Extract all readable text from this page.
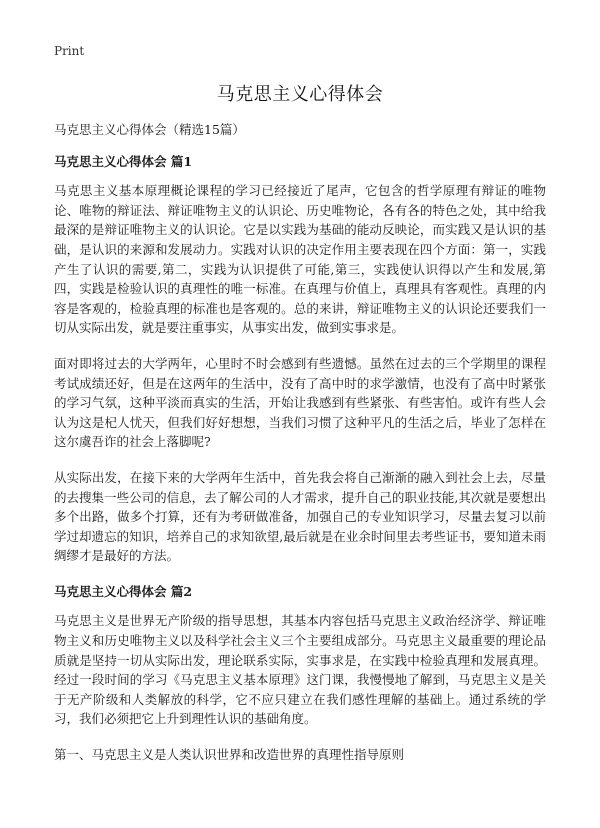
Print
马克思主义心得体会

马克思主义心得体会（精选15篇）

马克思主义心得体会 篇1

马克思主义基本原理概论课程的学习已经接近了尾声，它包含的哲学原理有辩证的唯物论、唯物的辩证法、辩证唯物主义的认识论、历史唯物论，各有各的特色之处，其中给我最深的是辩证唯物主义的认识论。它是以实践为基础的能动反映论，而实践又是认识的基础，是认识的来源和发展动力。实践对认识的决定作用主要表现在四个方面：第一，实践产生了认识的需要,第二，实践为认识提供了可能,第三，实践使认识得以产生和发展,第四，实践是检验认识的真理性的唯一标准。在真理与价值上，真理具有客观性。真理的内容是客观的，检验真理的标准也是客观的。总的来讲，辩证唯物主义的认识论还要我们一切从实际出发，就是要注重事实，从事实出发，做到实事求是。

面对即将过去的大学两年，心里时不时会感到有些遗憾。虽然在过去的三个学期里的课程考试成绩还好，但是在这两年的生活中，没有了高中时的求学激情，也没有了高中时紧张的学习气氛，这种平淡而真实的生活，开始让我感到有些紧张、有些害怕。或许有些人会认为这是杞人忧天，但我们好好想想，当我们习惯了这种平凡的生活之后，毕业了怎样在这尔虞吾诈的社会上落脚呢?

从实际出发，在接下来的大学两年生活中，首先我会将自己渐渐的融入到社会上去，尽量的去搜集一些公司的信息，去了解公司的人才需求，提升自己的职业技能,其次就是要想出多个出路，做多个打算，还有为考研做准备，加强自己的专业知识学习，尽量去复习以前学过却遗忘的知识，培养自己的求知欲望,最后就是在业余时间里去考些证书，要知道未雨绸缪才是最好的方法。

马克思主义心得体会 篇2

马克思主义是世界无产阶级的指导思想，其基本内容包括马克思主义政治经济学、辩证唯物主义和历史唯物主义以及科学社会主义三个主要组成部分。马克思主义最重要的理论品质就是坚持一切从实际出发，理论联系实际，实事求是，在实践中检验真理和发展真理。经过一段时间的学习《马克思主义基本原理》这门课，我慢慢地了解到，马克思主义是关于无产阶级和人类解放的科学，它不应只建立在我们感性理解的基础上。通过系统的学习，我们必须把它上升到理性认识的基础角度。

第一、马克思主义是人类认识世界和改造世界的真理性指导原则
